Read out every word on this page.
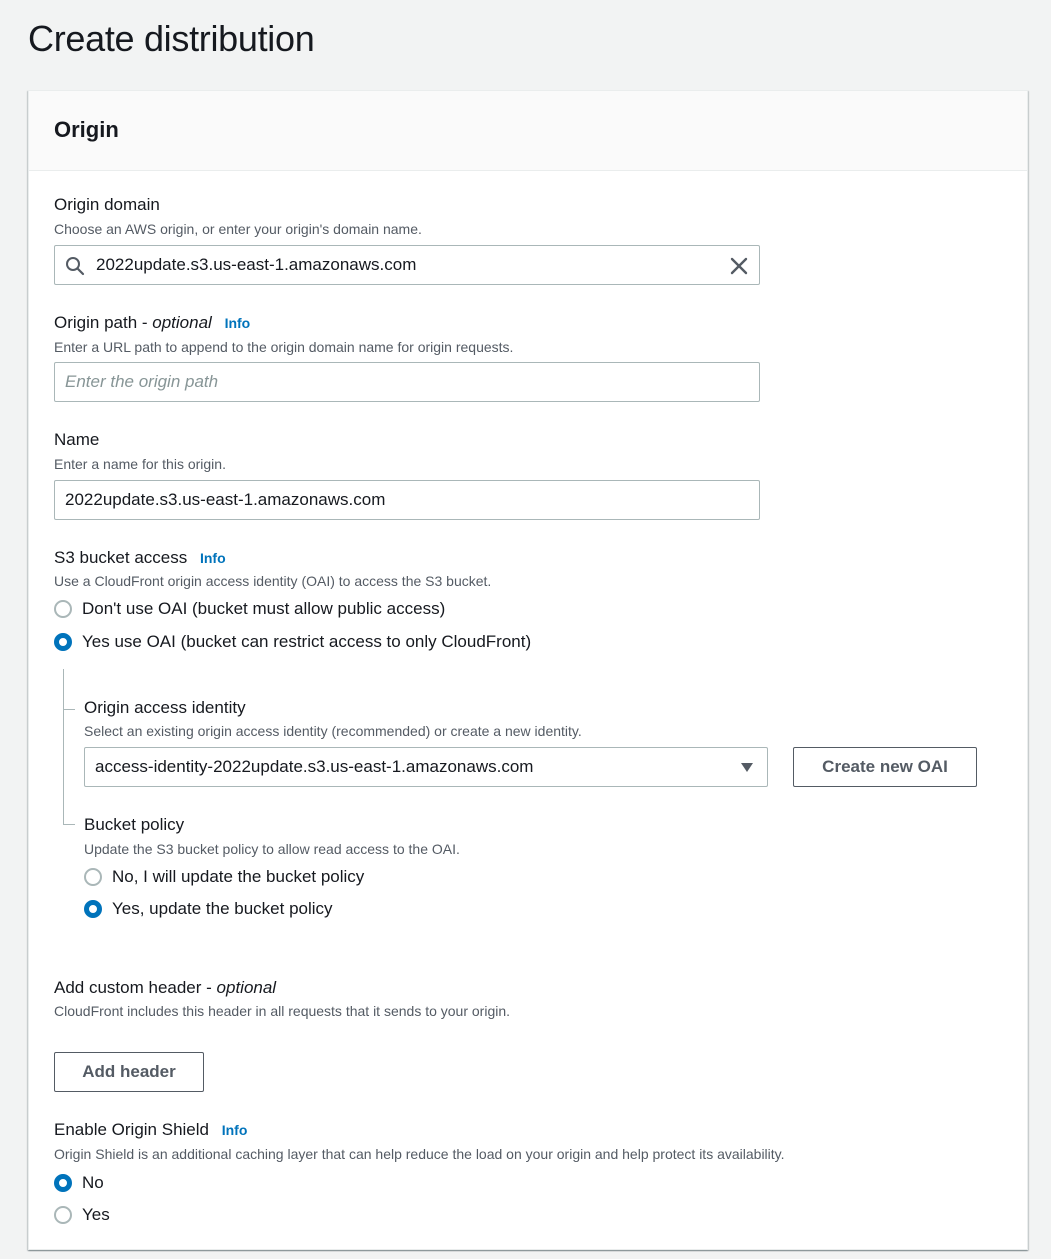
Create distribution
Origin
Origin domain
Choose an AWS origin, or enter your origin's domain name.
2022update.s3.us-east-1.amazonaws.com
Origin path - optional Info
Enter a URL path to append to the origin domain name for origin requests.
Enter the origin path
Name
Enter a name for this origin.
2022update.s3.us-east-1.amazonaws.com
S3 bucket access Info
Use a CloudFront origin access identity (OAI) to access the S3 bucket.
Don't use OAI (bucket must allow public access)
Yes use OAI (bucket can restrict access to only CloudFront)
Origin access identity
Select an existing origin access identity (recommended) or create a new identity.
access-identity-2022update.s3.us-east-1.amazonaws.com	Create new OAI
Bucket policy
Update the S3 bucket policy to allow read access to the OAI.
No, I will update the bucket policy
Yes, update the bucket policy
Add custom header - optional
CloudFront includes this header in all requests that it sends to your origin.
Add header
Enable Origin Shield Info
Origin Shield is an additional caching layer that can help reduce the load on your origin and help protect its availability.
No
Yes
